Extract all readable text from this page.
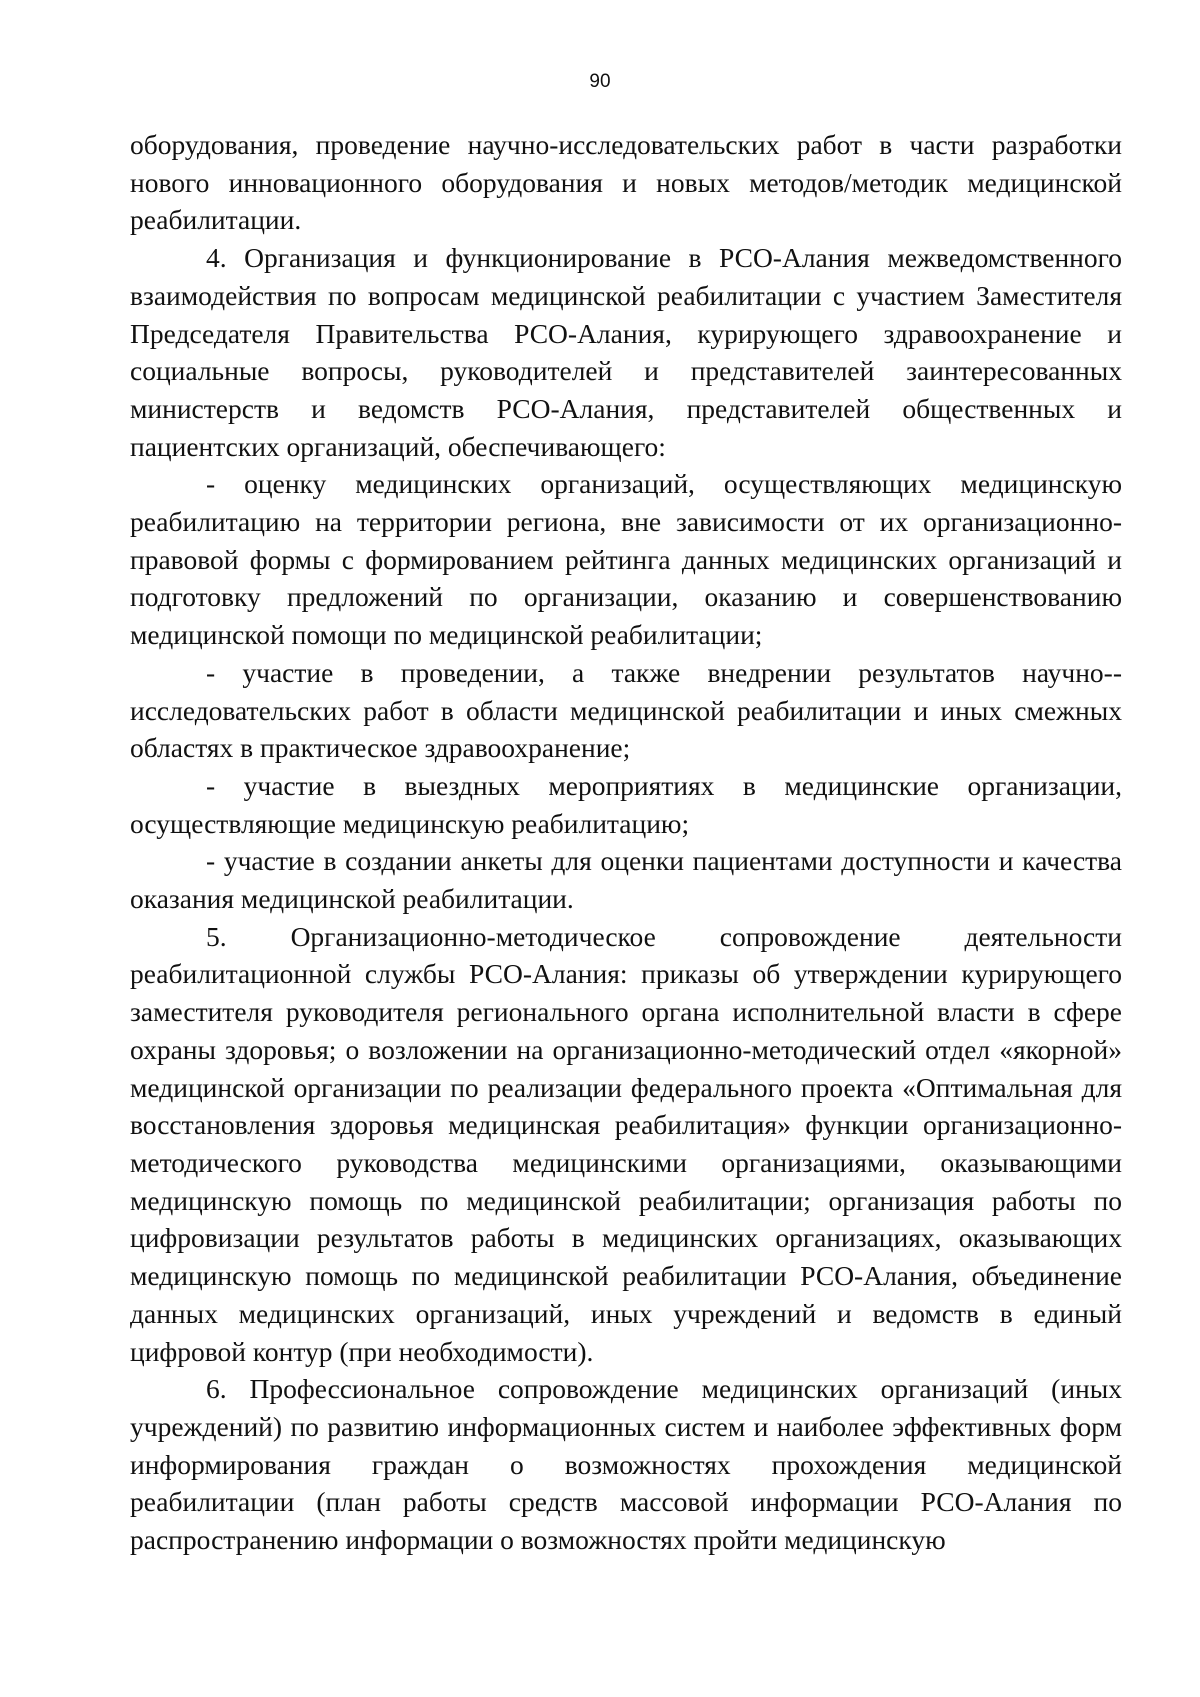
90

оборудования, проведение научно-исследовательских работ в части разработки нового инновационного оборудования и новых методов/методик медицинской реабилитации.

4. Организация и функционирование в РСО-Алания межведомственного взаимодействия по вопросам медицинской реабилитации с участием Заместителя Председателя Правительства РСО-Алания, курирующего здравоохранение и социальные вопросы, руководителей и представителей заинтересованных министерств и ведомств РСО-Алания, представителей общественных и пациентских организаций, обеспечивающего:

- оценку медицинских организаций, осуществляющих медицинскую реабилитацию на территории региона, вне зависимости от их организационно-правовой формы с формированием рейтинга данных медицинских организаций и подготовку предложений по организации, оказанию и совершенствованию медицинской помощи по медицинской реабилитации;

- участие в проведении, а также внедрении результатов научно--исследовательских работ в области медицинской реабилитации и иных смежных областях в практическое здравоохранение;

- участие в выездных мероприятиях в медицинские организации, осуществляющие медицинскую реабилитацию;

- участие в создании анкеты для оценки пациентами доступности и качества оказания медицинской реабилитации.

5. Организационно-методическое сопровождение деятельности реабилитационной службы РСО-Алания: приказы об утверждении курирующего заместителя руководителя регионального органа исполнительной власти в сфере охраны здоровья; о возложении на организационно-методический отдел «якорной» медицинской организации по реализации федерального проекта «Оптимальная для восстановления здоровья медицинская реабилитация» функции организационно-методического руководства медицинскими организациями, оказывающими медицинскую помощь по медицинской реабилитации; организация работы по цифровизации результатов работы в медицинских организациях, оказывающих медицинскую помощь по медицинской реабилитации РСО-Алания, объединение данных медицинских организаций, иных учреждений и ведомств в единый цифровой контур (при необходимости).

6. Профессиональное сопровождение медицинских организаций (иных учреждений) по развитию информационных систем и наиболее эффективных форм информирования граждан о возможностях прохождения медицинской реабилитации (план работы средств массовой информации РСО-Алания по распространению информации о возможностях пройти медицинскую
